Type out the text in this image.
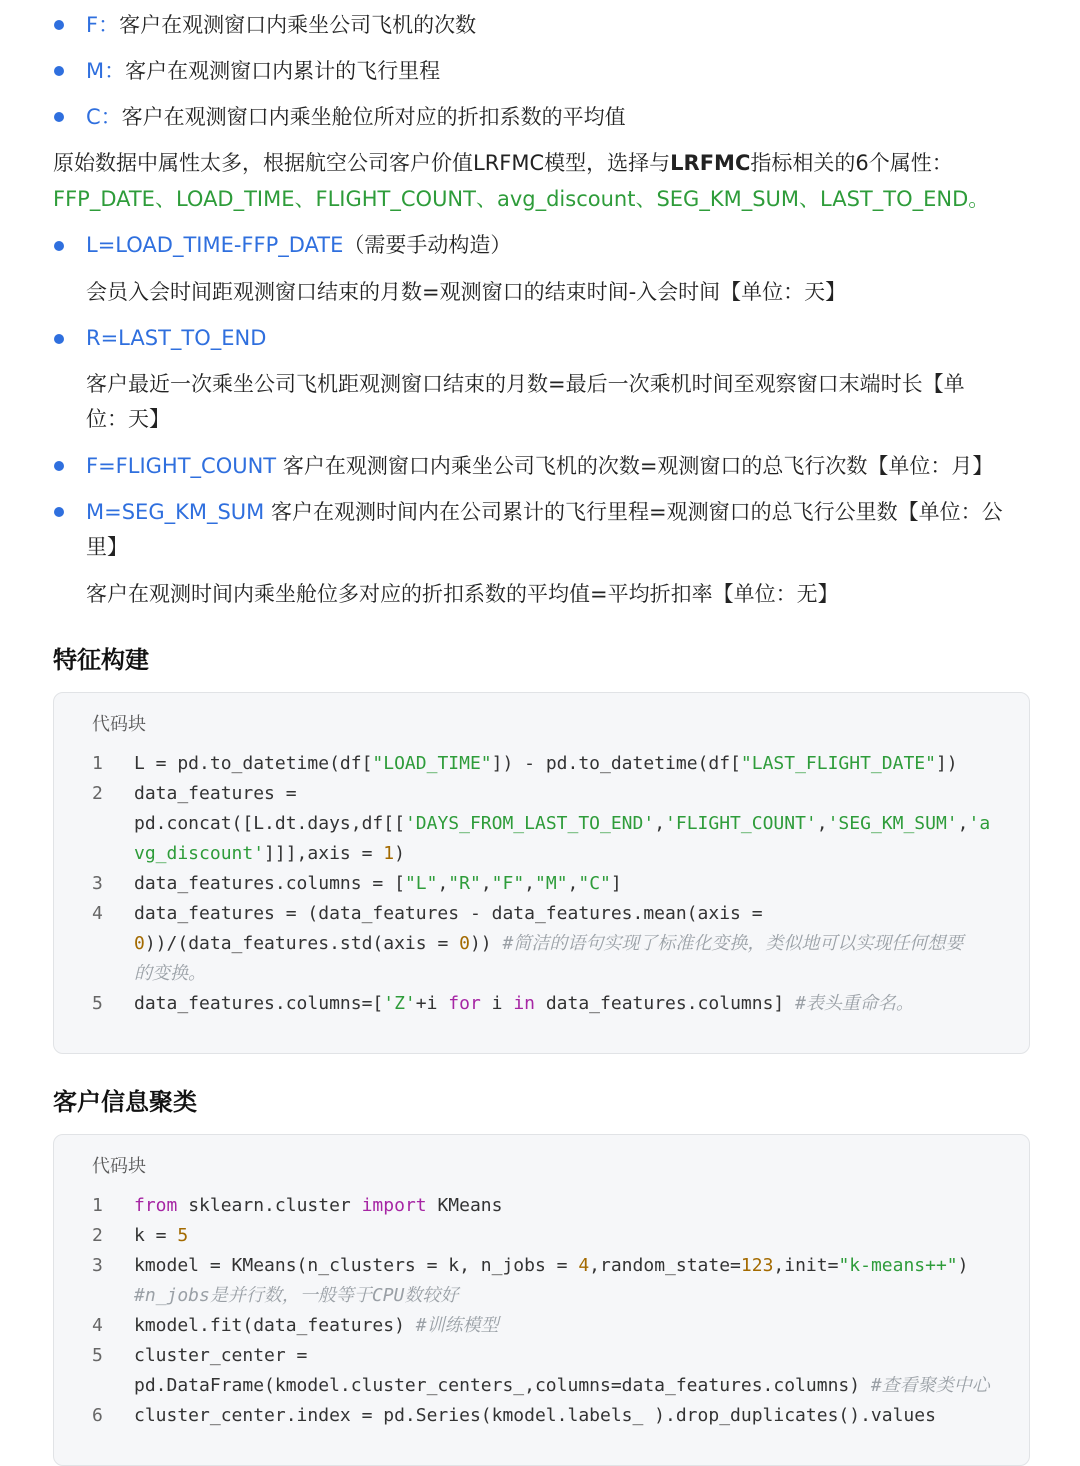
F：客户在观测窗口内乘坐公司飞机的次数
M：客户在观测窗口内累计的飞行里程
C：客户在观测窗口内乘坐舱位所对应的折扣系数的平均值
原始数据中属性太多，根据航空公司客户价值LRFMC模型，选择与LRFMC指标相关的6个属性：
FFP_DATE、LOAD_TIME、FLIGHT_COUNT、avg_discount、SEG_KM_SUM、LAST_TO_END。
L=LOAD_TIME-FFP_DATE（需要手动构造）
会员入会时间距观测窗口结束的月数=观测窗口的结束时间-入会时间【单位：天】
R=LAST_TO_END
客户最近一次乘坐公司飞机距观测窗口结束的月数=最后一次乘机时间至观察窗口末端时长【单
位：天】
F=FLIGHT_COUNT 客户在观测窗口内乘坐公司飞机的次数=观测窗口的总飞行次数【单位：月】
M=SEG_KM_SUM 客户在观测时间内在公司累计的飞行里程=观测窗口的总飞行公里数【单位：公
里】
客户在观测时间内乘坐舱位多对应的折扣系数的平均值=平均折扣率【单位：无】
特征构建
代码块
1	L = pd.to_datetime(df["LOAD_TIME"]) - pd.to_datetime(df["LAST_FLIGHT_DATE"])
2	data_features =
pd.concat([L.dt.days,df[['DAYS_FROM_LAST_TO_END','FLIGHT_COUNT','SEG_KM_SUM','a
vg_discount']]],axis = 1)
3	data_features.columns = ["L","R","F","M","C"]
4	data_features = (data_features - data_features.mean(axis =
0))/(data_features.std(axis = 0)) #简洁的语句实现了标准化变换，类似地可以实现任何想要
的变换。
5	data_features.columns=['Z'+i for i in data_features.columns] #表头重命名。
客户信息聚类
代码块
1	from sklearn.cluster import KMeans
2	k = 5
3	kmodel = KMeans(n_clusters = k, n_jobs = 4,random_state=123,init="k-means++")
#n_jobs是并行数，一般等于CPU数较好
4	kmodel.fit(data_features) #训练模型
5	cluster_center =
pd.DataFrame(kmodel.cluster_centers_,columns=data_features.columns) #查看聚类中心
6	cluster_center.index = pd.Series(kmodel.labels_ ).drop_duplicates().values
